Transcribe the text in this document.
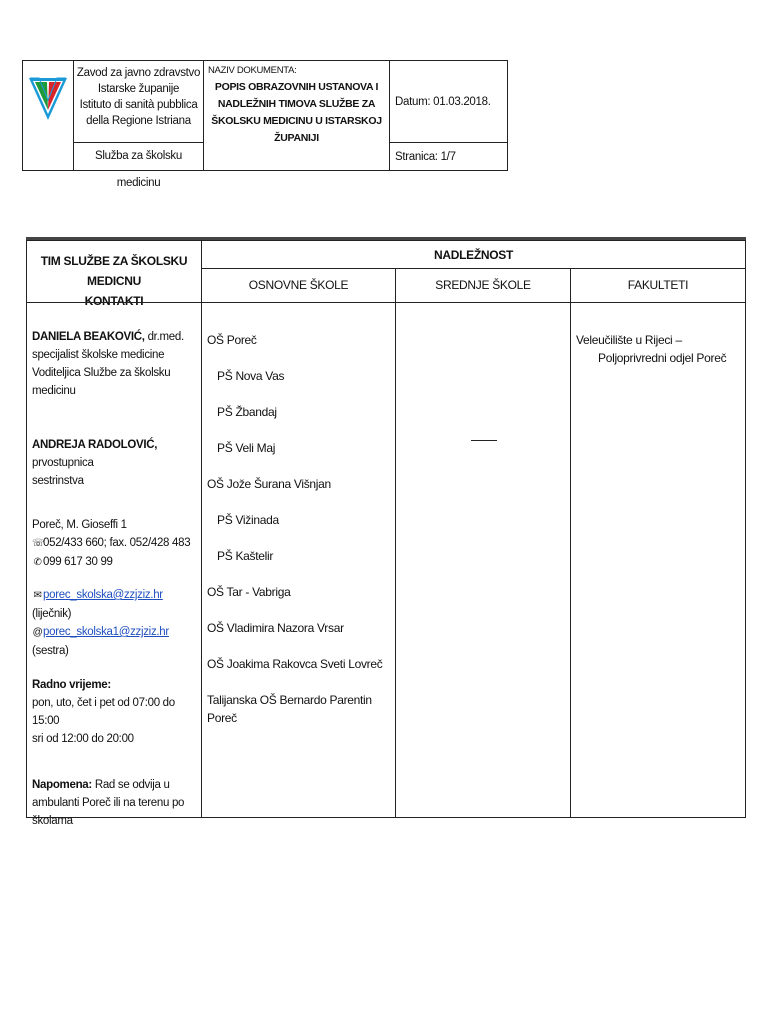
Zavod za javno zdravstvo
Istarske županije
Istituto di sanità pubblica
della Regione Istriana
Služba za školsku medicinu
NAZIV DOKUMENTA:
POPIS OBRAZOVNIH USTANOVA I
NADLEŽNIH TIMOVA SLUŽBE ZA
ŠKOLSKU MEDICINU U ISTARSKOJ
ŽUPANIJI
Datum: 01.03.2018.
Stranica: 1/7
TIM SLUŽBE ZA ŠKOLSKU MEDICNU
KONTAKTI
NADLEŽNOST
OSNOVNE ŠKOLE	SREDNJE ŠKOLE	FAKULTETI
DANIELA BEAKOVIĆ, dr.med.
specijalist školske medicine
Voditeljica Službe za školsku medicinu
ANDREJA RADOLOVIĆ, prvostupnica
sestrinstva
Poreč, M. Gioseffi 1
☏052/433 660; fax. 052/428 483
✆099 617 30 99
✉porec_skolska@zzjziz.hr (liječnik)
@porec_skolska1@zzjziz.hr (sestra)
Radno vrijeme:
pon, uto, čet i pet od 07:00 do 15:00
sri od 12:00 do 20:00
Napomena: Rad se odvija u ambulanti Poreč ili na terenu po školama
OŠ Poreč
PŠ Nova Vas
PŠ Žbandaj
PŠ Veli Maj
OŠ Jože Šurana Višnjan
PŠ Vižinada
PŠ Kaštelir
OŠ Tar - Vabriga
OŠ Vladimira Nazora Vrsar
OŠ Joakima Rakovca Sveti Lovreč
Talijanska OŠ Bernardo Parentin Poreč
Veleučilište u Rijeci –
Poljoprivredni odjel Poreč
